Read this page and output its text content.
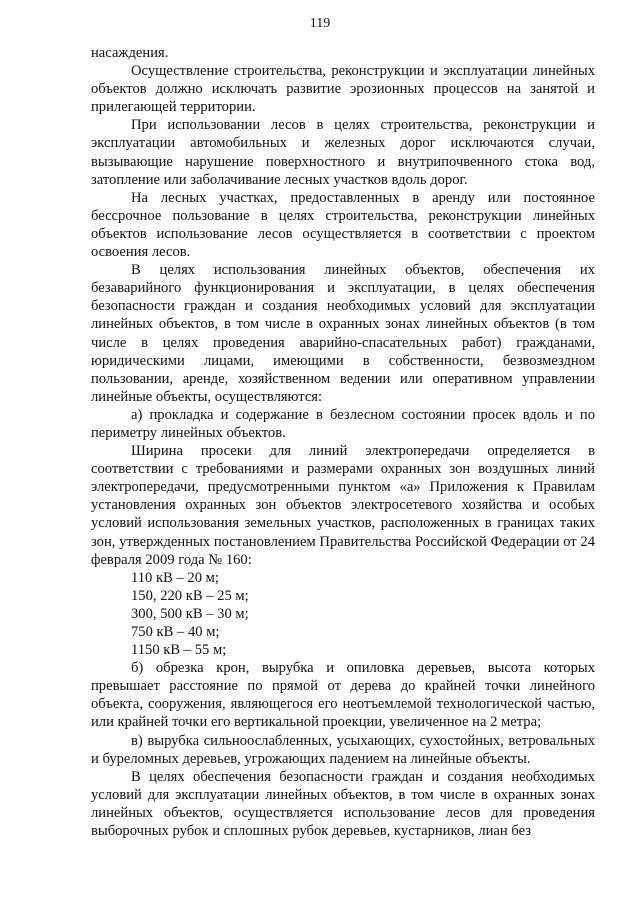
119

насаждения.

Осуществление строительства, реконструкции и эксплуатации линейных объектов должно исключать развитие эрозионных процессов на занятой и прилегающей территории.

При использовании лесов в целях строительства, реконструкции и эксплуатации автомобильных и железных дорог исключаются случаи, вызывающие нарушение поверхностного и внутрипочвенного стока вод, затопление или заболачивание лесных участков вдоль дорог.

На лесных участках, предоставленных в аренду или постоянное бессрочное пользование в целях строительства, реконструкции линейных объектов использование лесов осуществляется в соответствии с проектом освоения лесов.

В целях использования линейных объектов, обеспечения их безаварийного функционирования и эксплуатации, в целях обеспечения безопасности граждан и создания необходимых условий для эксплуатации линейных объектов, в том числе в охранных зонах линейных объектов (в том числе в целях проведения аварийно-спасательных работ) гражданами, юридическими лицами, имеющими в собственности, безвозмездном пользовании, аренде, хозяйственном ведении или оперативном управлении линейные объекты, осуществляются:

а) прокладка и содержание в безлесном состоянии просек вдоль и по периметру линейных объектов.

Ширина просеки для линий электропередачи определяется в соответствии с требованиями и размерами охранных зон воздушных линий электропередачи, предусмотренными пунктом «а» Приложения к Правилам установления охранных зон объектов электросетевого хозяйства и особых условий использования земельных участков, расположенных в границах таких зон, утвержденных постановлением Правительства Российской Федерации от 24 февраля 2009 года № 160:

110 кВ – 20 м;

150, 220 кВ – 25 м;

300, 500 кВ – 30 м;

750 кВ – 40 м;

1150 кВ – 55 м;

б) обрезка крон, вырубка и опиловка деревьев, высота которых превышает расстояние по прямой от дерева до крайней точки линейного объекта, сооружения, являющегося его неотъемлемой технологической частью, или крайней точки его вертикальной проекции, увеличенное на 2 метра;

в) вырубка сильноослабленных, усыхающих, сухостойных, ветровальных и буреломных деревьев, угрожающих падением на линейные объекты.

В целях обеспечения безопасности граждан и создания необходимых условий для эксплуатации линейных объектов, в том числе в охранных зонах линейных объектов, осуществляется использование лесов для проведения выборочных рубок и сплошных рубок деревьев, кустарников, лиан без
